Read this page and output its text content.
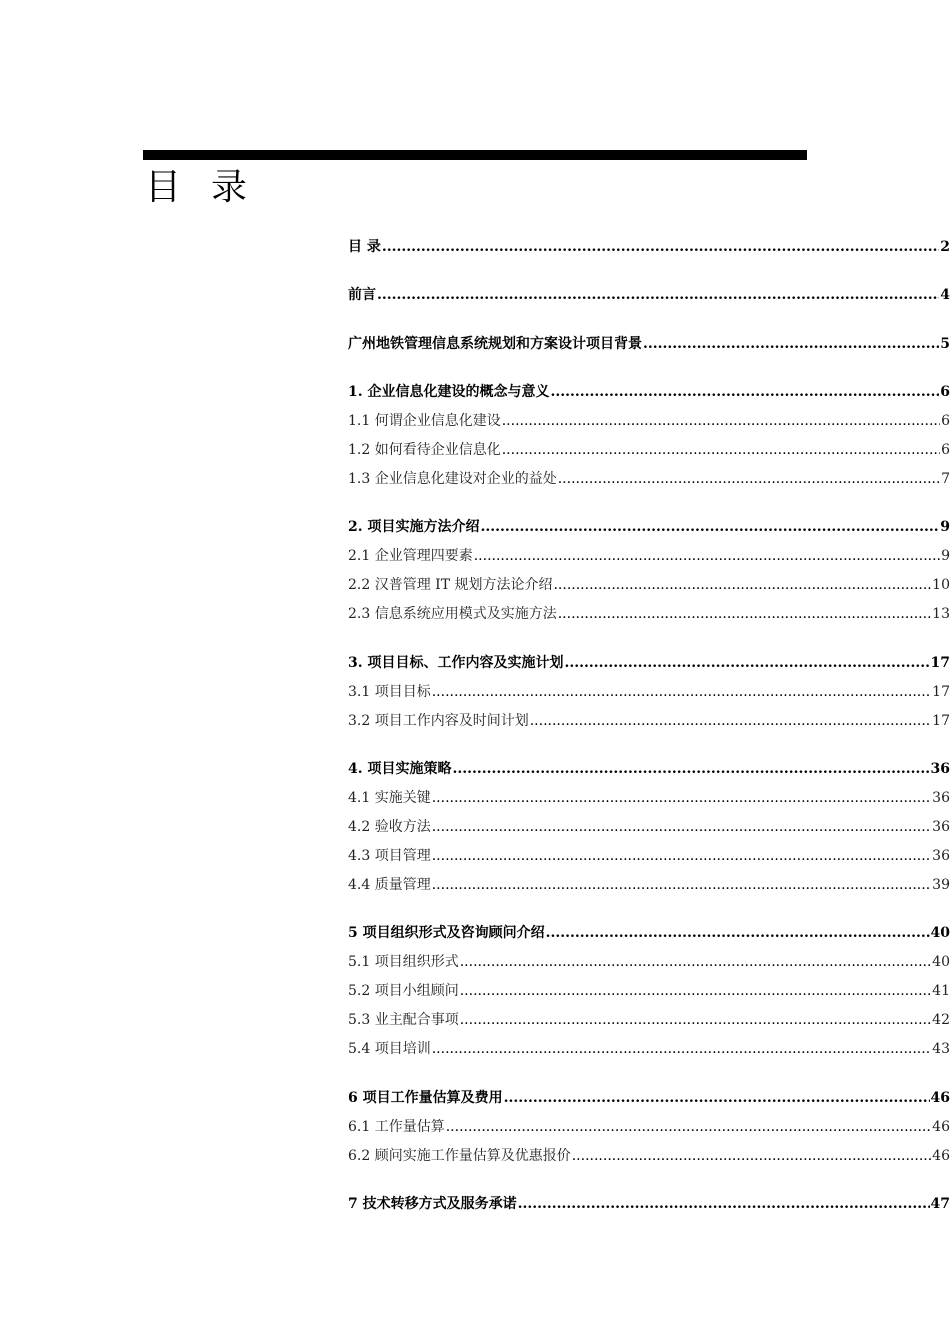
目录
目 录 .....	2
前言 .....	4
广州地铁管理信息系统规划和方案设计项目背景 .....	5
1. 企业信息化建设的概念与意义 .....	6
1.1 何谓企业信息化建设 .....	6
1.2 如何看待企业信息化 .....	6
1.3 企业信息化建设对企业的益处 .....	7
2. 项目实施方法介绍 .....	9
2.1 企业管理四要素 .....	9
2.2 汉普管理 IT 规划方法论介绍 .....	10
2.3 信息系统应用模式及实施方法 .....	13
3. 项目目标、工作内容及实施计划 .....	17
3.1 项目目标 .....	17
3.2 项目工作内容及时间计划 .....	17
4. 项目实施策略 .....	36
4.1 实施关键 .....	36
4.2 验收方法 .....	36
4.3 项目管理 .....	36
4.4 质量管理 .....	39
5 项目组织形式及咨询顾问介绍 .....	40
5.1 项目组织形式 .....	40
5.2 项目小组顾问 .....	41
5.3 业主配合事项 .....	42
5.4 项目培训 .....	43
6 项目工作量估算及费用 .....	46
6.1 工作量估算 .....	46
6.2 顾问实施工作量估算及优惠报价 .....	46
7 技术转移方式及服务承诺 .....	47
